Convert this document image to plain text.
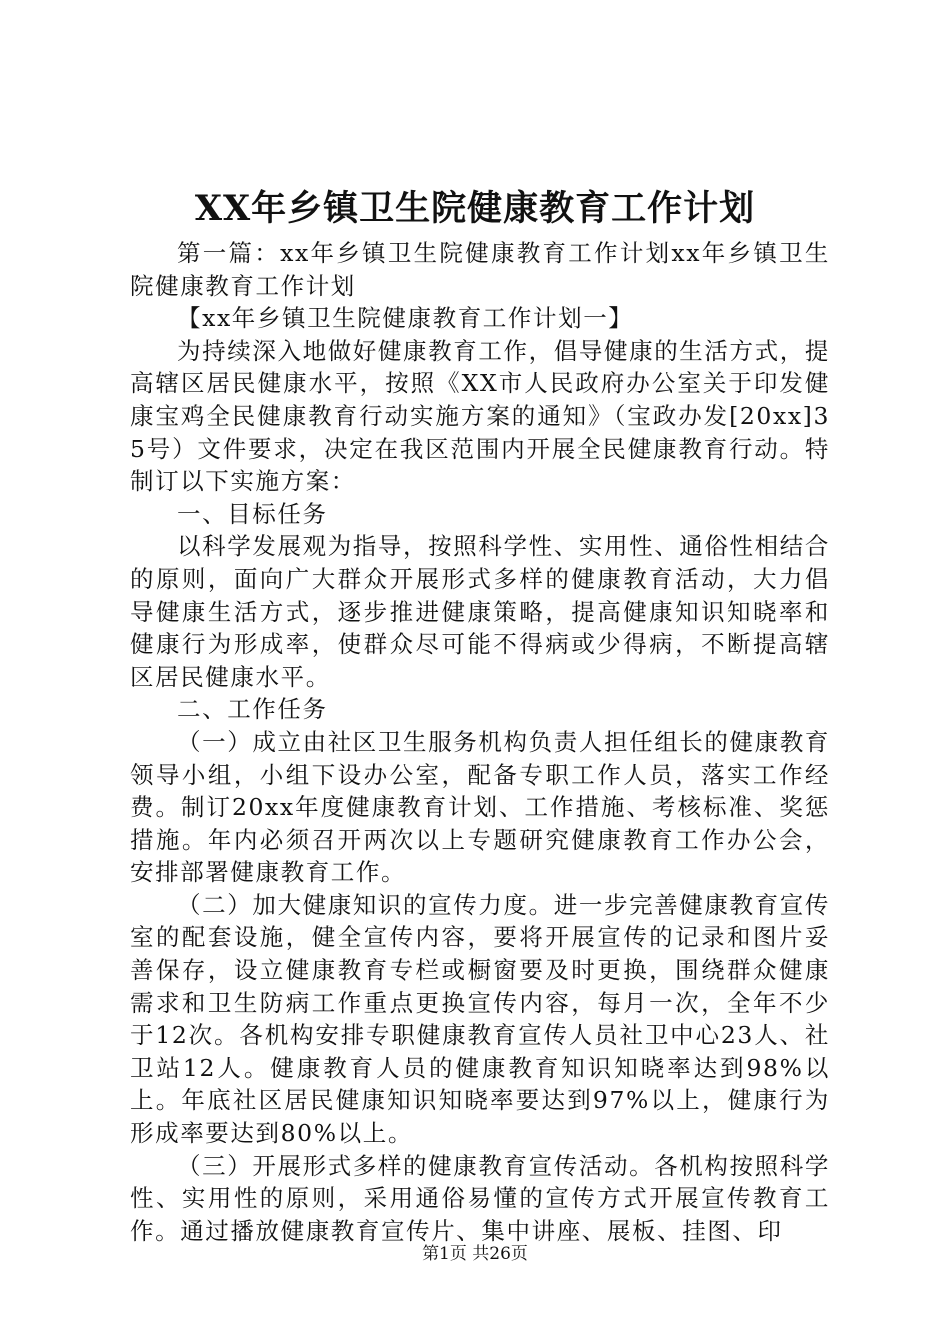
XX年乡镇卫生院健康教育工作计划

第一篇：xx年乡镇卫生院健康教育工作计划xx年乡镇卫生院健康教育工作计划

【xx年乡镇卫生院健康教育工作计划一】

为持续深入地做好健康教育工作，倡导健康的生活方式，提高辖区居民健康水平，按照《XX市人民政府办公室关于印发健康宝鸡全民健康教育行动实施方案的通知》（宝政办发[20xx]35号）文件要求，决定在我区范围内开展全民健康教育行动。特制订以下实施方案：

一、目标任务

以科学发展观为指导，按照科学性、实用性、通俗性相结合的原则，面向广大群众开展形式多样的健康教育活动，大力倡导健康生活方式，逐步推进健康策略，提高健康知识知晓率和健康行为形成率，使群众尽可能不得病或少得病，不断提高辖区居民健康水平。

二、工作任务

（一）成立由社区卫生服务机构负责人担任组长的健康教育领导小组，小组下设办公室，配备专职工作人员，落实工作经费。制订20xx年度健康教育计划、工作措施、考核标准、奖惩措施。年内必须召开两次以上专题研究健康教育工作办公会，安排部署健康教育工作。

（二）加大健康知识的宣传力度。进一步完善健康教育宣传室的配套设施，健全宣传内容，要将开展宣传的记录和图片妥善保存，设立健康教育专栏或橱窗要及时更换，围绕群众健康需求和卫生防病工作重点更换宣传内容，每月一次，全年不少于12次。各机构安排专职健康教育宣传人员社卫中心23人、社卫站12人。健康教育人员的健康教育知识知晓率达到98%以上。年底社区居民健康知识知晓率要达到97%以上，健康行为形成率要达到80%以上。

（三）开展形式多样的健康教育宣传活动。各机构按照科学性、实用性的原则，采用通俗易懂的宣传方式开展宣传教育工作。通过播放健康教育宣传片、集中讲座、展板、挂图、印

第1页 共26页
